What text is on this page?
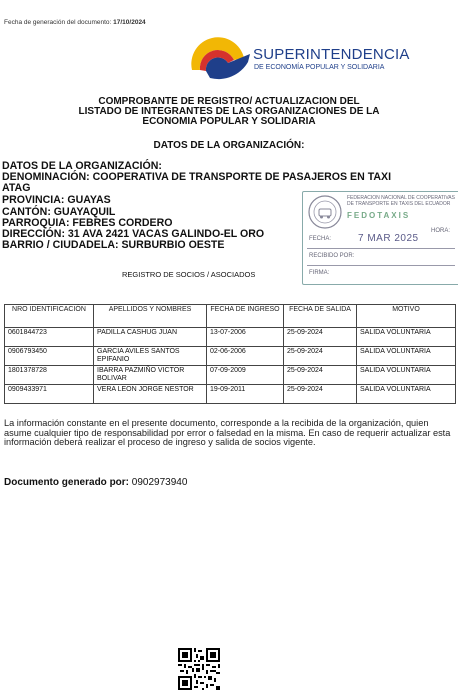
Fecha de generación del documento: 17/10/2024
SUPERINTENDENCIA
DE ECONOMÍA POPULAR Y SOLIDARIA
COMPROBANTE DE REGISTRO/ ACTUALIZACION DEL
LISTADO DE INTEGRANTES DE LAS ORGANIZACIONES DE LA
ECONOMIA POPULAR Y SOLIDARIA
DATOS DE LA ORGANIZACIÓN:
DATOS DE LA ORGANIZACIÓN:
DENOMINACIÓN: COOPERATIVA DE TRANSPORTE DE PASAJEROS EN TAXI ATAG
PROVINCIA: GUAYAS
CANTÓN: GUAYAQUIL
PARROQUIA: FEBRES CORDERO
DIRECCIÓN: 31 AVA 2421 VACAS GALINDO-EL ORO
BARRIO / CIUDADELA: SURBURBIO OESTE
FEDERACION NACIONAL DE COOPERATIVAS DE TRANSPORTE EN TAXIS DEL ECUADOR
FEDOTAXIS
FECHA:	7 MAR 2025
HORA:
RECIBIDO POR:
FIRMA:
REGISTRO DE SOCIOS / ASOCIADOS
NRO IDENTIFICACIÓN	APELLIDOS Y NOMBRES	FECHA DE INGRESO	FECHA DE SALIDA	MOTIVO
0601844723	PADILLA CASHUG JUAN	13-07-2006	25-09-2024	SALIDA VOLUNTARIA
0906793450	GARCIA AVILES SANTOS EPIFANIO	02-06-2006	25-09-2024	SALIDA VOLUNTARIA
1801378728	IBARRA PAZMIÑO VICTOR BOLIVAR	07-09-2009	25-09-2024	SALIDA VOLUNTARIA
0909433971	VERA LEON JORGE NESTOR	19-09-2011	25-09-2024	SALIDA VOLUNTARIA
La información constante en el presente documento, corresponde a la recibida de la organización, quien asume cualquier tipo de responsabilidad por error o falsedad en la misma. En caso de requerir actualizar esta información deberá realizar el proceso de ingreso y salida de socios vigente.
Documento generado por: 0902973940
